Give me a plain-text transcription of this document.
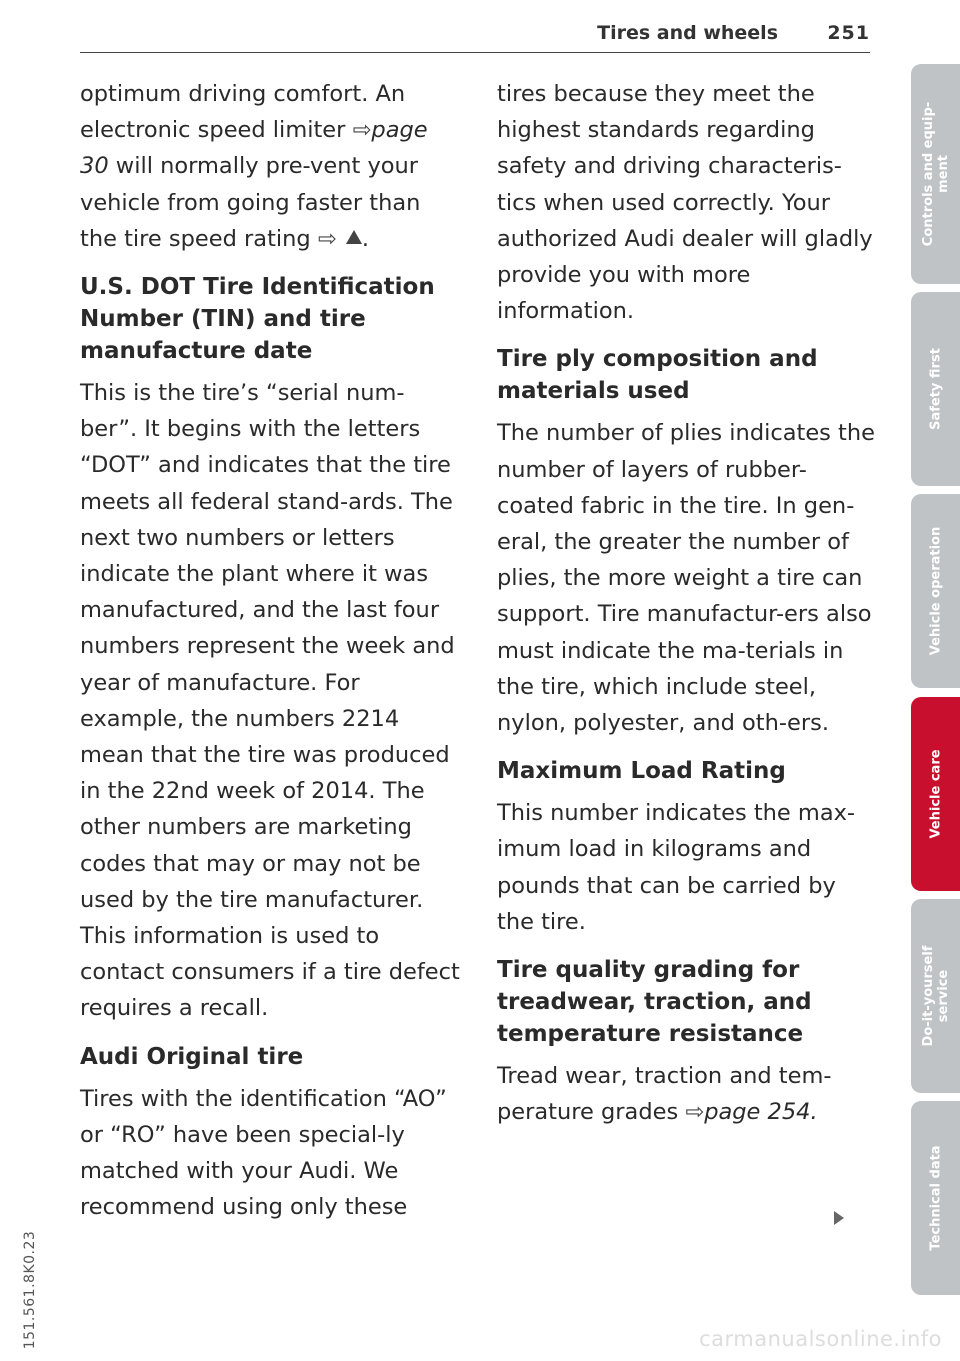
Tires and wheels	251

optimum driving comfort. An electronic speed limiter ⇨page 30 will normally pre-vent your vehicle from going faster than the tire speed rating ⇨ .

U.S. DOT Tire Identification Number (TIN) and tire manufacture date

This is the tire’s “serial num-ber”. It begins with the letters “DOT” and indicates that the tire meets all federal stand-ards. The next two numbers or letters indicate the plant where it was manufactured, and the last four numbers represent the week and year of manufacture. For example, the numbers 2214 mean that the tire was produced in the 22nd week of 2014. The other numbers are marketing codes that may or may not be used by the tire manufacturer. This information is used to contact consumers if a tire defect requires a recall.

Audi Original tire

Tires with the identification “AO” or “RO” have been special-ly matched with your Audi. We recommend using only these

tires because they meet the highest standards regarding safety and driving characteris-tics when used correctly. Your authorized Audi dealer will gladly provide you with more information.

Tire ply composition and materials used

The number of plies indicates the number of layers of rubber-coated fabric in the tire. In gen-eral, the greater the number of plies, the more weight a tire can support. Tire manufactur-ers also must indicate the ma-terials in the tire, which include steel, nylon, polyester, and oth-ers.

Maximum Load Rating

This number indicates the max-imum load in kilograms and pounds that can be carried by the tire.

Tire quality grading for treadwear, traction, and temperature resistance

Tread wear, traction and tem-perature grades ⇨page 254.

Controls and equip- ment
Safety first
Vehicle operation
Vehicle care
Do-it-yourself service
Technical data
151.561.8K0.23	carmanualsonline.info
